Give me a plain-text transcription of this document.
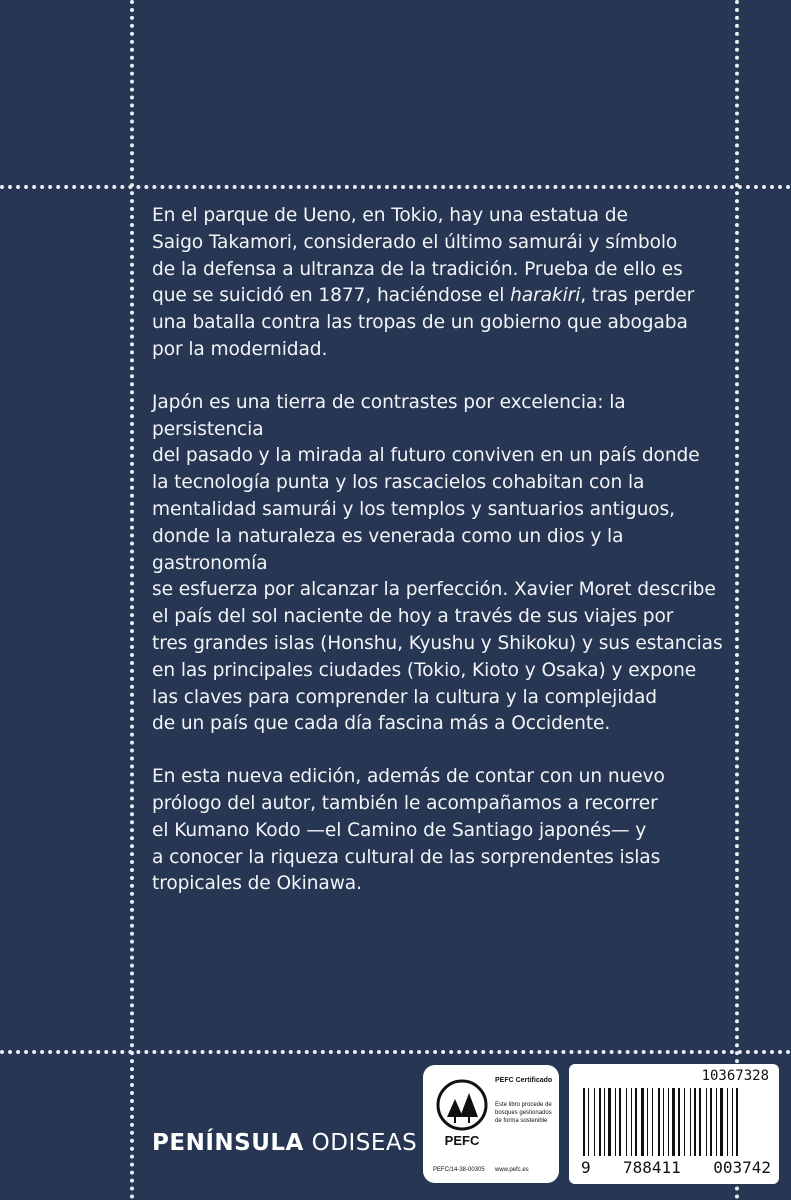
En el parque de Ueno, en Tokio, hay una estatua de
Saigo Takamori, considerado el último samurái y símbolo
de la defensa a ultranza de la tradición. Prueba de ello es
que se suicidó en 1877, haciéndose el harakiri, tras perder
una batalla contra las tropas de un gobierno que abogaba
por la modernidad.

Japón es una tierra de contrastes por excelencia: la persistencia
del pasado y la mirada al futuro conviven en un país donde
la tecnología punta y los rascacielos cohabitan con la
mentalidad samurái y los templos y santuarios antiguos,
donde la naturaleza es venerada como un dios y la gastronomía
se esfuerza por alcanzar la perfección. Xavier Moret describe
el país del sol naciente de hoy a través de sus viajes por
tres grandes islas (Honshu, Kyushu y Shikoku) y sus estancias
en las principales ciudades (Tokio, Kioto y Osaka) y expone
las claves para comprender la cultura y la complejidad
de un país que cada día fascina más a Occidente.

En esta nueva edición, además de contar con un nuevo
prólogo del autor, también le acompañamos a recorrer
el Kumano Kodo —el Camino de Santiago japonés— y
a conocer la riqueza cultural de las sorprendentes islas
tropicales de Okinawa.

PENÍNSULA ODISEAS PEFC
PEFC Certificado
Este libro procede de bosques gestionados de forma sostenible
PEFC/14-38-00305 www.pefc.es
10367328
9 788411 003742
